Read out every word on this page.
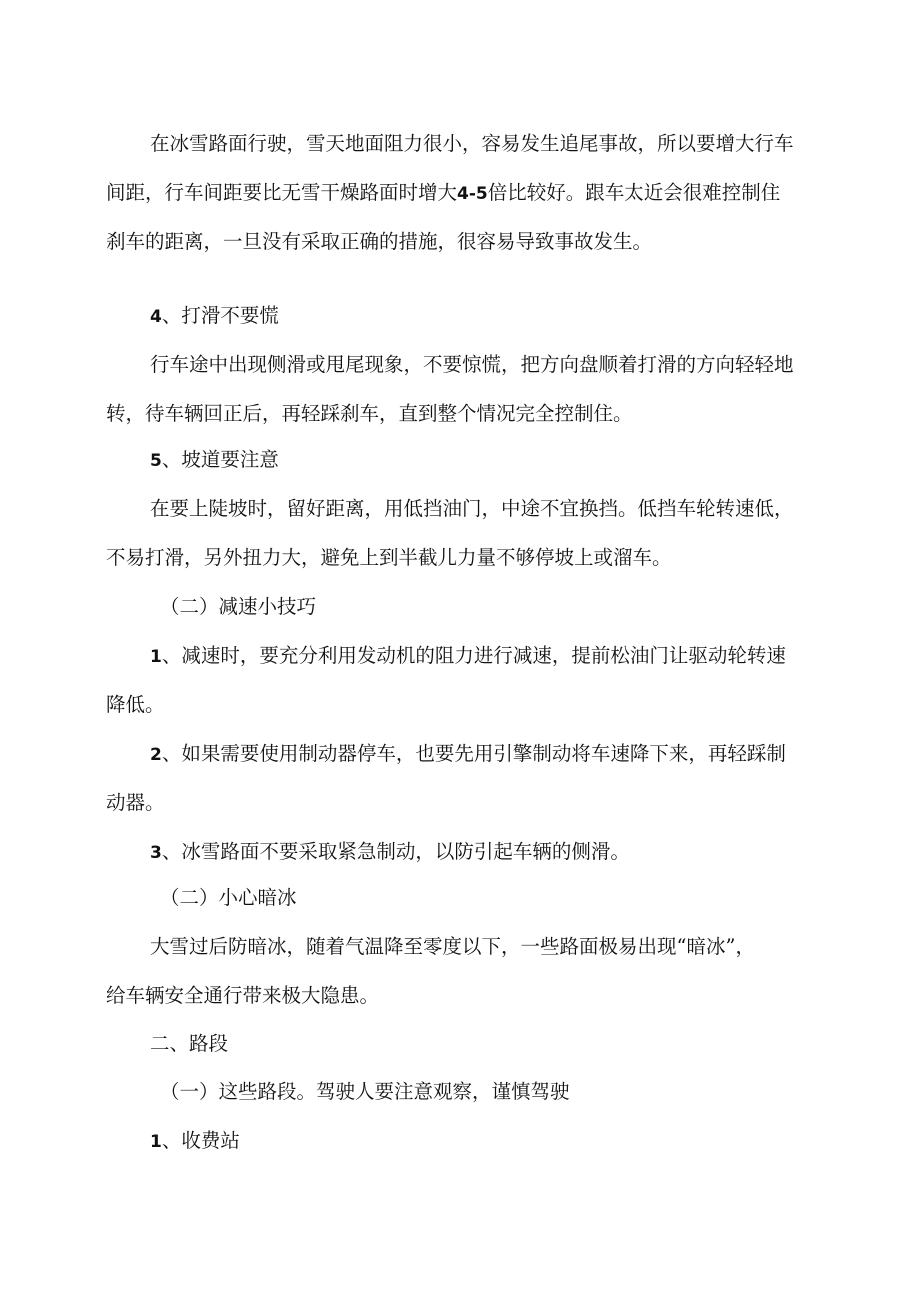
在冰雪路面行驶，雪天地面阻力很小，容易发生追尾事故，所以要增大行车

间距，行车间距要比无雪干燥路面时增大4-5倍比较好。跟车太近会很难控制住

刹车的距离，一旦没有采取正确的措施，很容易导致事故发生。

4、打滑不要慌

行车途中出现侧滑或甩尾现象，不要惊慌，把方向盘顺着打滑的方向轻轻地

转，待车辆回正后，再轻踩刹车，直到整个情况完全控制住。

5、坡道要注意

在要上陡坡时，留好距离，用低挡油门，中途不宜换挡。低挡车轮转速低，

不易打滑，另外扭力大，避免上到半截儿力量不够停坡上或溜车。

（二）减速小技巧

1、减速时，要充分利用发动机的阻力进行减速，提前松油门让驱动轮转速

降低。

2、如果需要使用制动器停车，也要先用引擎制动将车速降下来，再轻踩制

动器。

3、冰雪路面不要采取紧急制动，以防引起车辆的侧滑。

（二）小心暗冰

大雪过后防暗冰，随着气温降至零度以下，一些路面极易出现“暗冰”，

给车辆安全通行带来极大隐患。

二、路段

（一）这些路段。驾驶人要注意观察，谨慎驾驶

1、收费站
